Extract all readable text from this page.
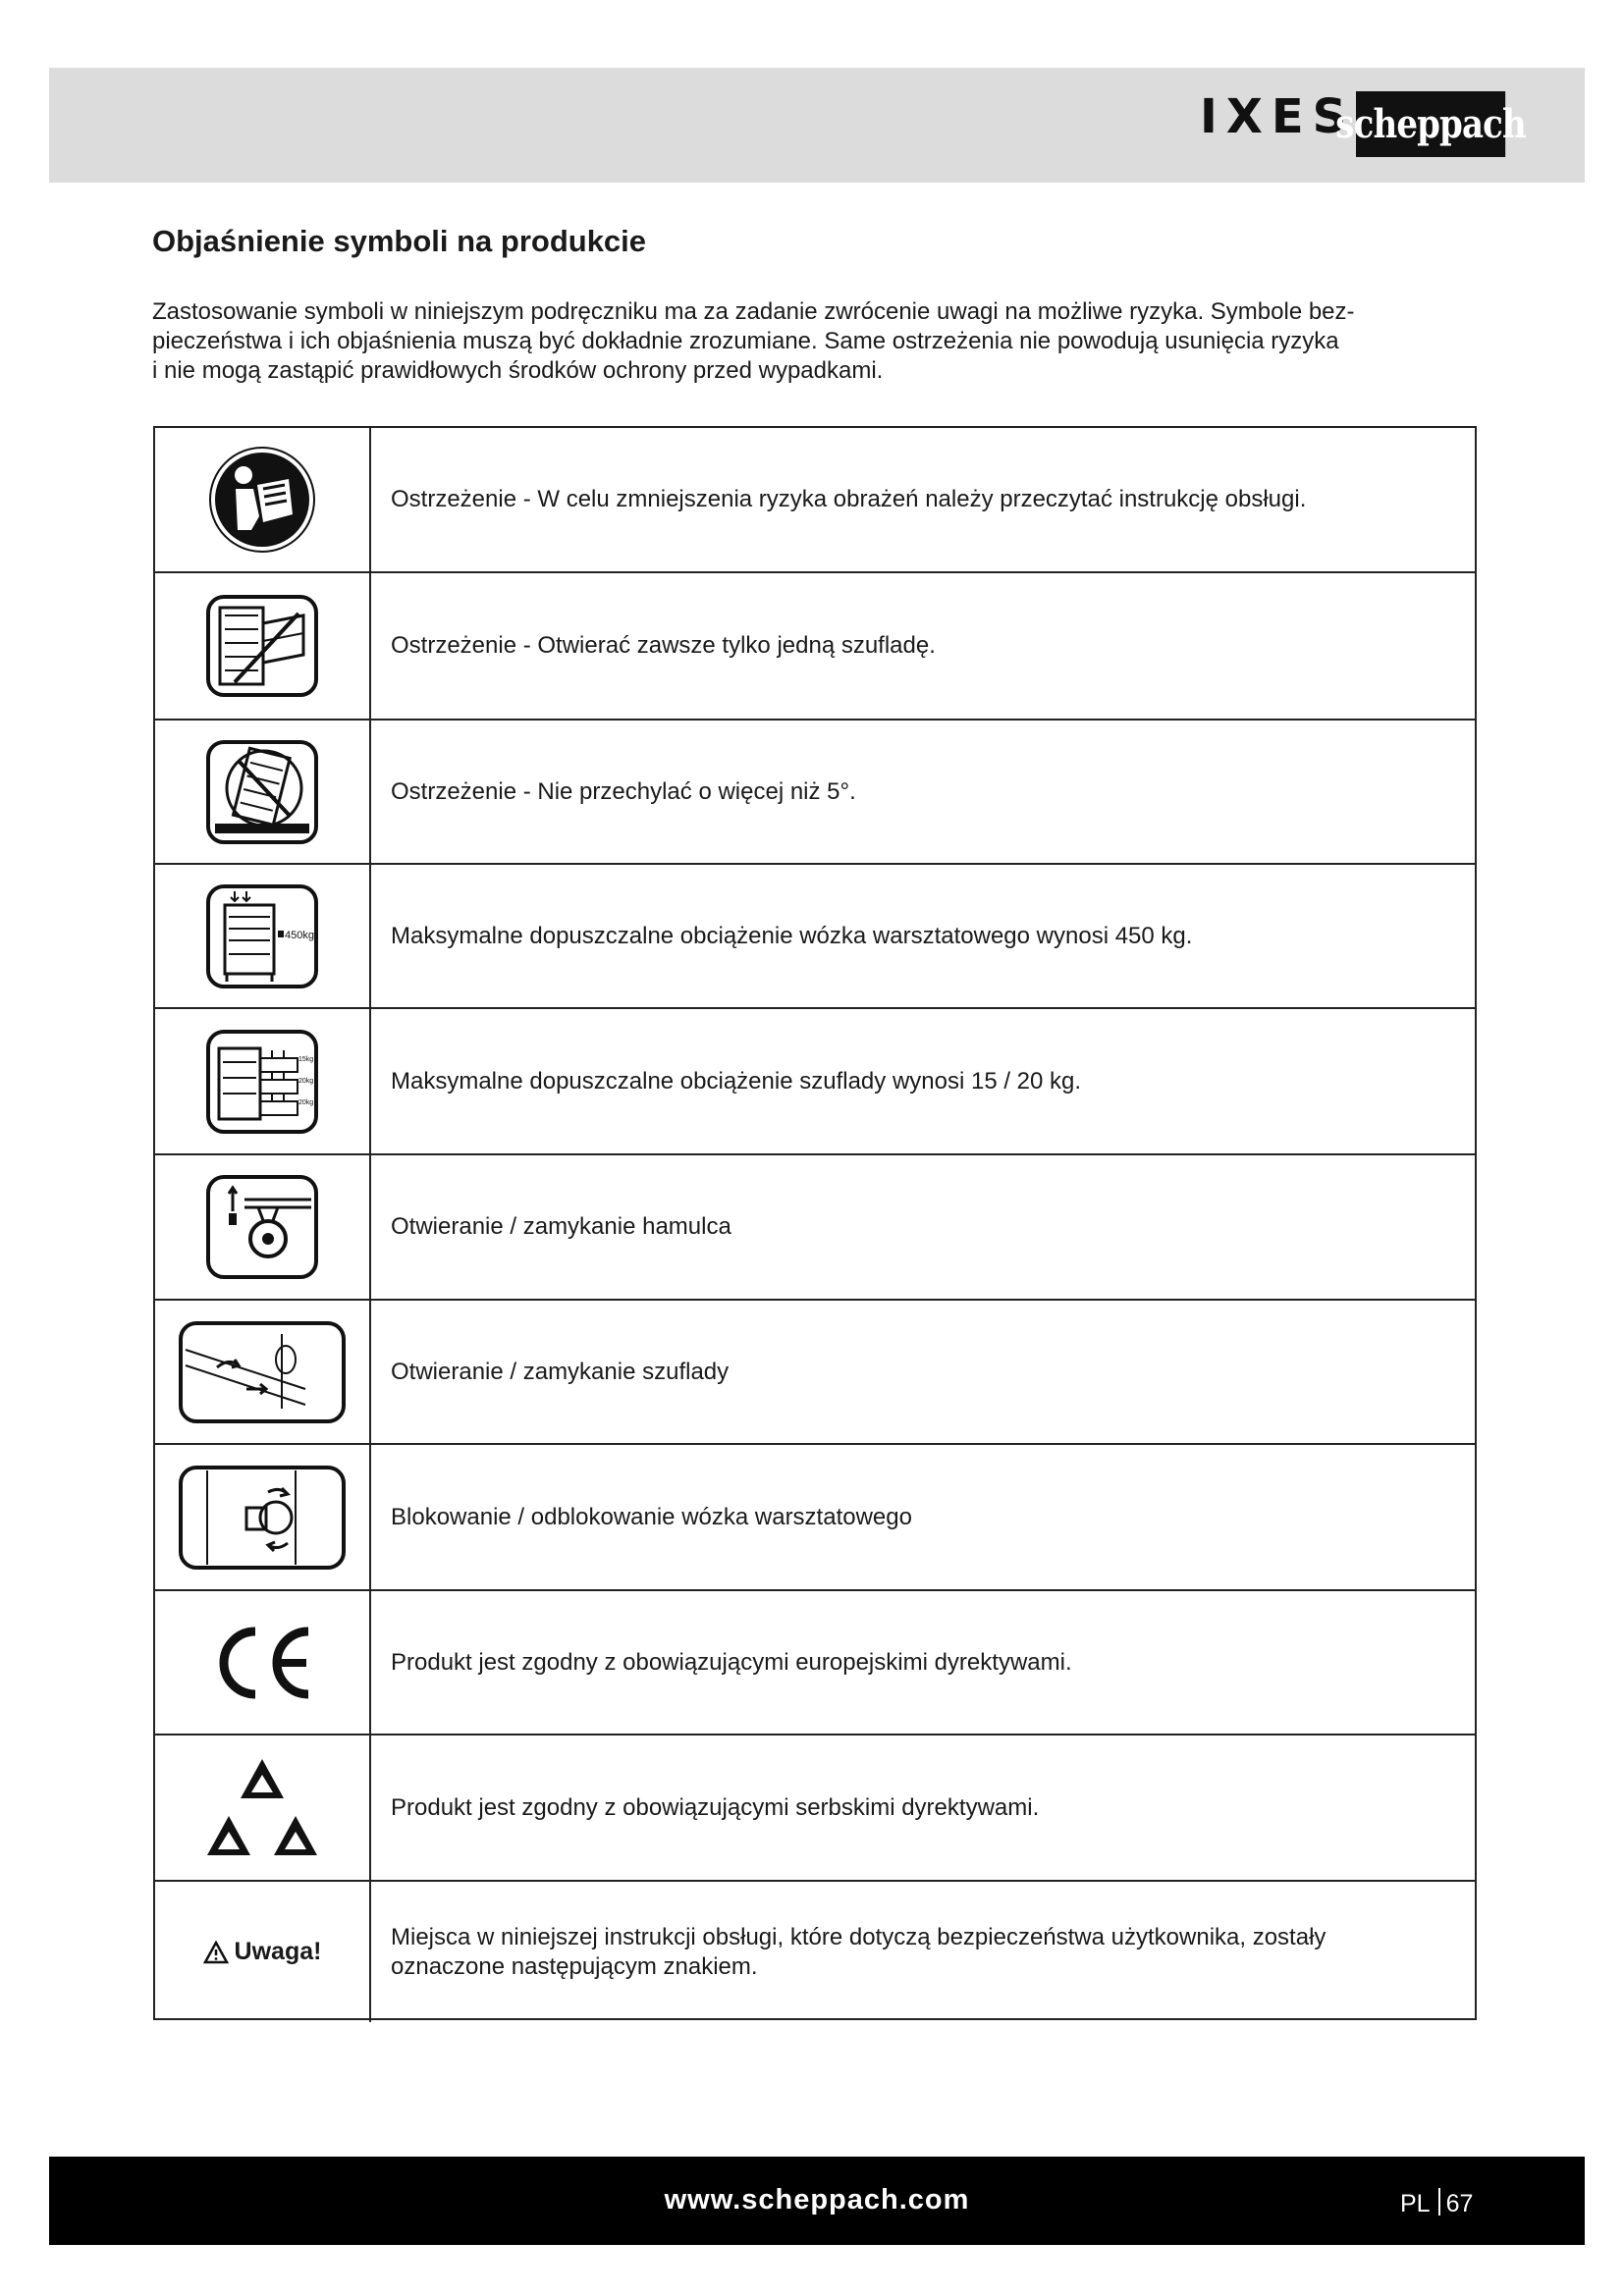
IXES
scheppach
Objaśnienie symboli na produkcie
Zastosowanie symboli w niniejszym podręczniku ma za zadanie zwrócenie uwagi na możliwe ryzyka. Symbole bez-
pieczeństwa i ich objaśnienia muszą być dokładnie zrozumiane. Same ostrzeżenia nie powodują usunięcia ryzyka
i nie mogą zastąpić prawidłowych środków ochrony przed wypadkami.
Ostrzeżenie - W celu zmniejszenia ryzyka obrażeń należy przeczytać instrukcję obsługi.
Ostrzeżenie - Otwierać zawsze tylko jedną szufladę.
Ostrzeżenie - Nie przechylać o więcej niż 5°.
450kg	Maksymalne dopuszczalne obciążenie wózka warsztatowego wynosi 450 kg.
15kg
20kg
20kg
Maksymalne dopuszczalne obciążenie szuflady wynosi 15 / 20 kg.
Otwieranie / zamykanie hamulca
Otwieranie / zamykanie szuflady
Blokowanie / odblokowanie wózka warsztatowego
Produkt jest zgodny z obowiązującymi europejskimi dyrektywami.
Produkt jest zgodny z obowiązującymi serbskimi dyrektywami.
Uwaga!
Miejsca w niniejszej instrukcji obsługi, które dotyczą bezpieczeństwa użytkownika, zostały oznaczone następującym znakiem.
www.scheppach.com	PL 67
